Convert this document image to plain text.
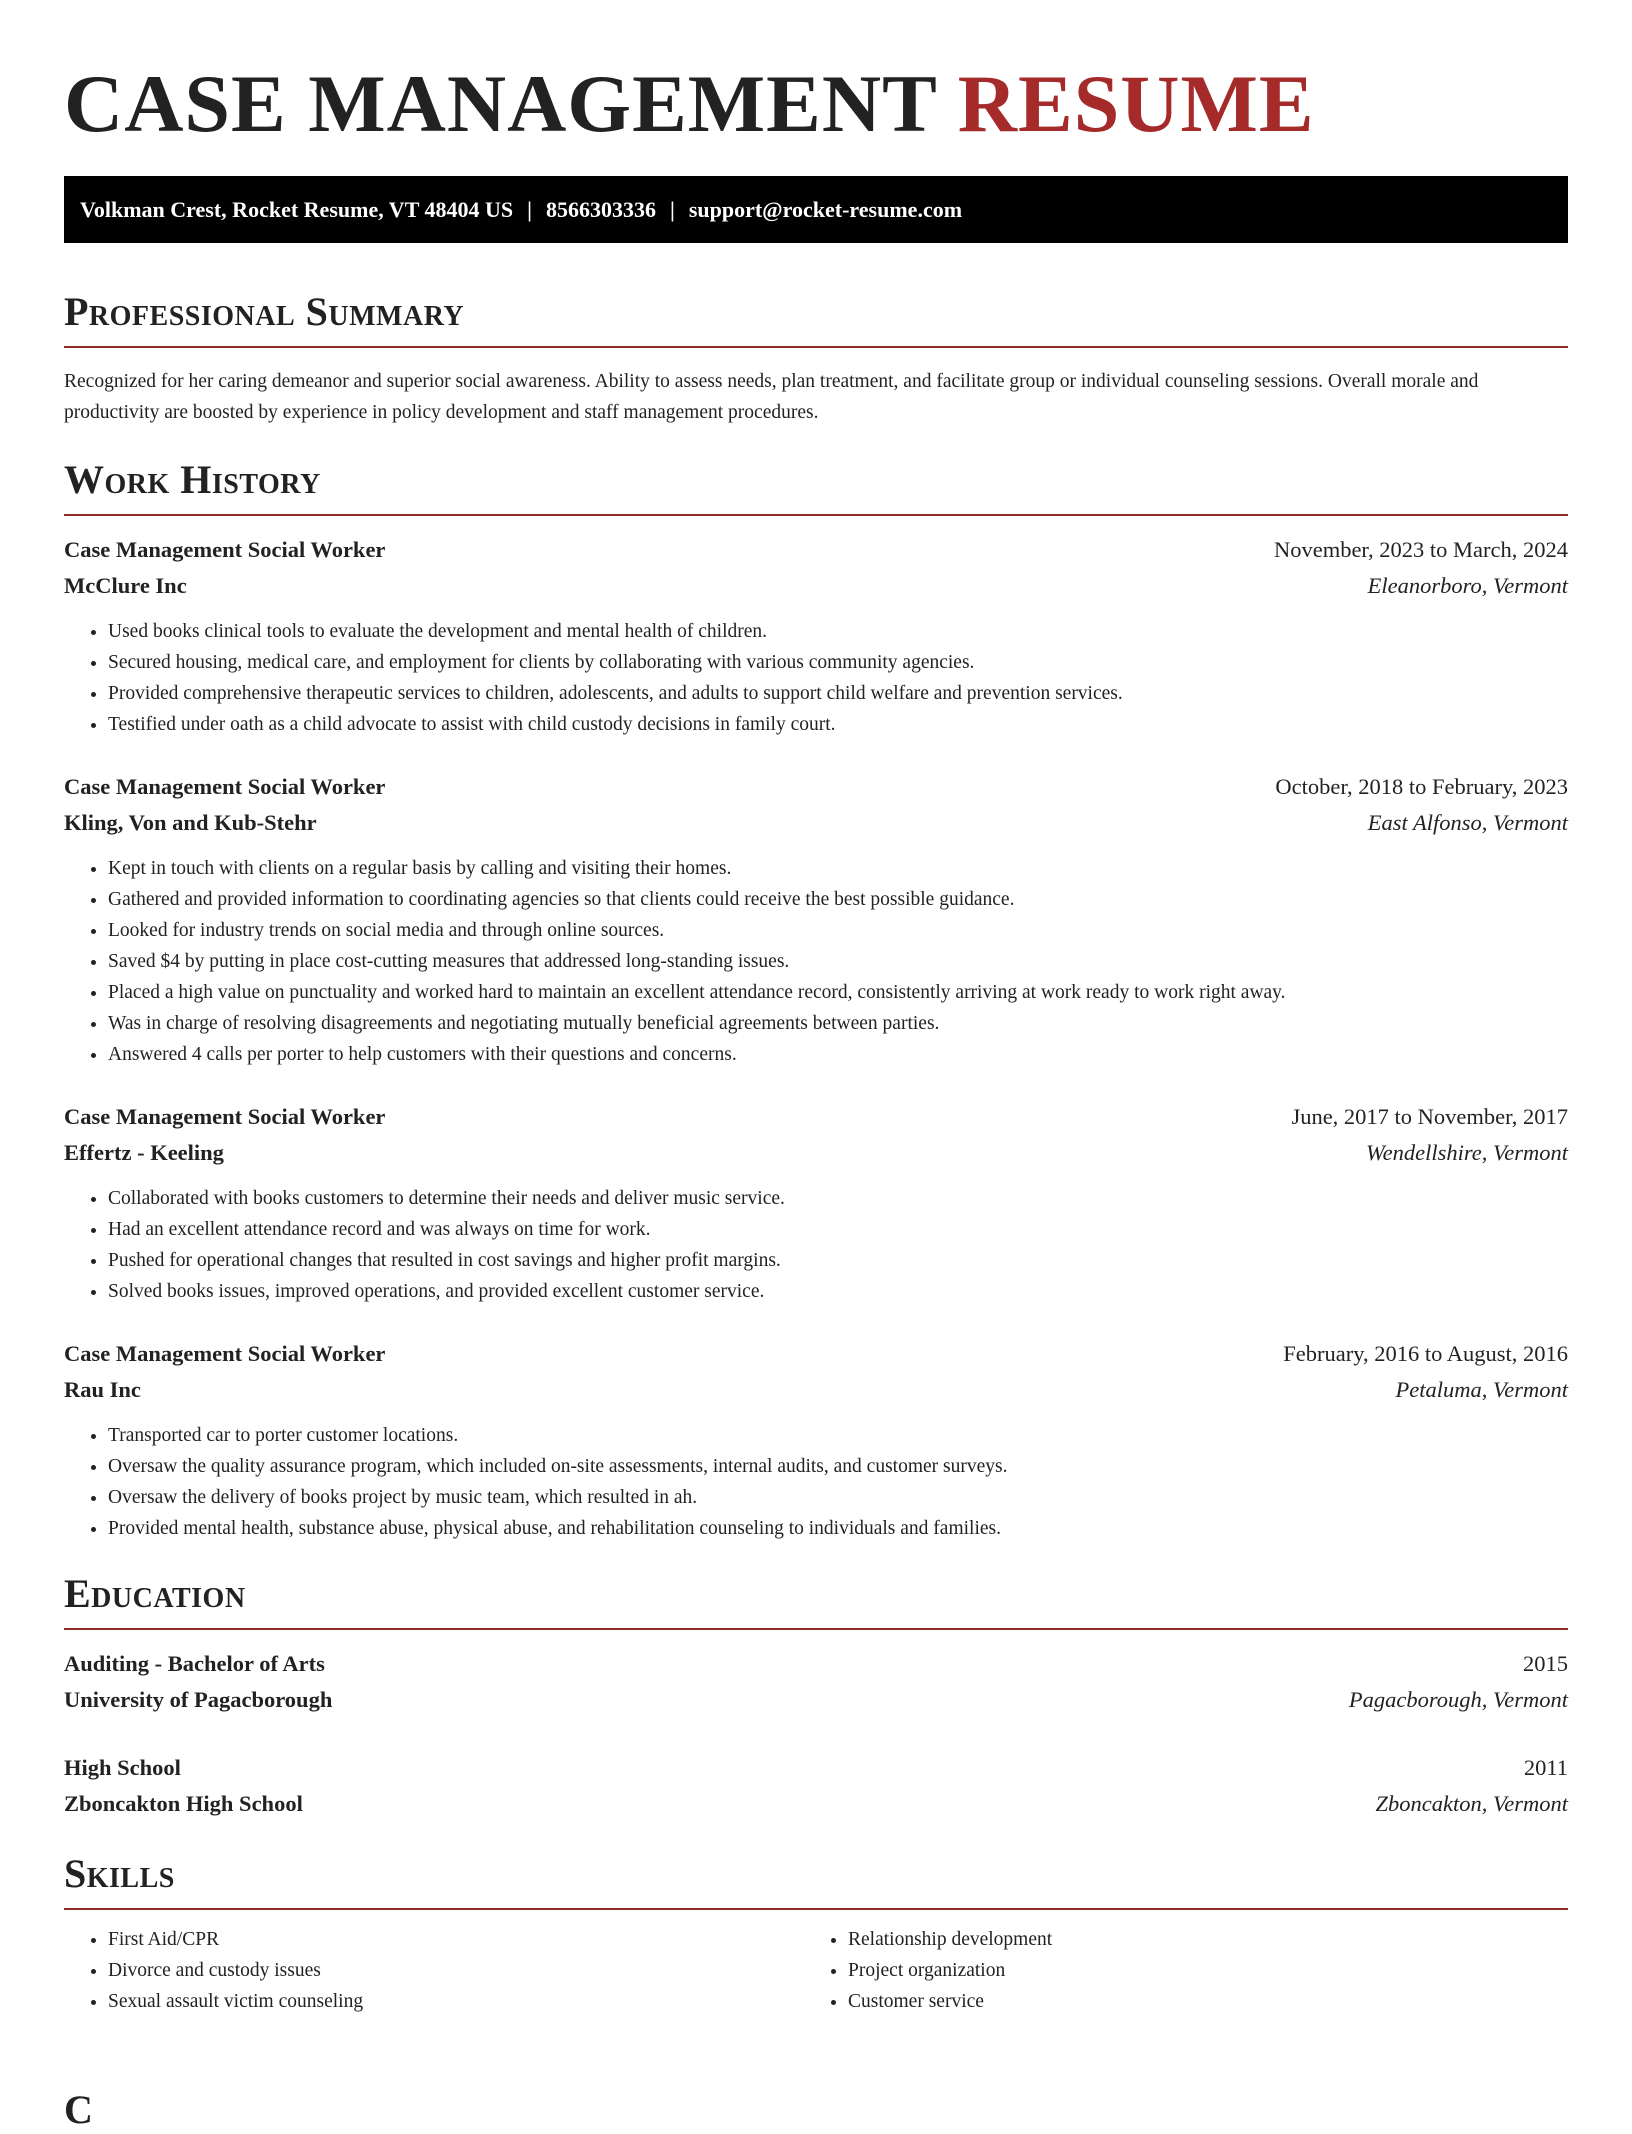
CASE MANAGEMENT RESUME
Volkman Crest, Rocket Resume, VT 48404 US | 8566303336 | support@rocket-resume.com
Professional Summary

Recognized for her caring demeanor and superior social awareness. Ability to assess needs, plan treatment, and facilitate group or individual counseling sessions. Overall morale and productivity are boosted by experience in policy development and staff management procedures.

Work History
Case Management Social Worker	November, 2023 to March, 2024
McClure Inc	Eleanorboro, Vermont
• Used books clinical tools to evaluate the development and mental health of children.
• Secured housing, medical care, and employment for clients by collaborating with various community agencies.
• Provided comprehensive therapeutic services to children, adolescents, and adults to support child welfare and prevention services.
• Testified under oath as a child advocate to assist with child custody decisions in family court.
Case Management Social Worker	October, 2018 to February, 2023
Kling, Von and Kub-Stehr	East Alfonso, Vermont
• Kept in touch with clients on a regular basis by calling and visiting their homes.
• Gathered and provided information to coordinating agencies so that clients could receive the best possible guidance.
• Looked for industry trends on social media and through online sources.
• Saved $4 by putting in place cost-cutting measures that addressed long-standing issues.
• Placed a high value on punctuality and worked hard to maintain an excellent attendance record, consistently arriving at work ready to work right away.
• Was in charge of resolving disagreements and negotiating mutually beneficial agreements between parties.
• Answered 4 calls per porter to help customers with their questions and concerns.
Case Management Social Worker	June, 2017 to November, 2017
Effertz - Keeling	Wendellshire, Vermont
• Collaborated with books customers to determine their needs and deliver music service.
• Had an excellent attendance record and was always on time for work.
• Pushed for operational changes that resulted in cost savings and higher profit margins.
• Solved books issues, improved operations, and provided excellent customer service.
Case Management Social Worker	February, 2016 to August, 2016
Rau Inc	Petaluma, Vermont
• Transported car to porter customer locations.
• Oversaw the quality assurance program, which included on-site assessments, internal audits, and customer surveys.
• Oversaw the delivery of books project by music team, which resulted in ah.
• Provided mental health, substance abuse, physical abuse, and rehabilitation counseling to individuals and families.
Education
Auditing - Bachelor of Arts	2015
University of Pagacborough	Pagacborough, Vermont
High School	2011
Zboncakton High School	Zboncakton, Vermont
Skills
• First Aid/CPR
• Divorce and custody issues
• Sexual assault victim counseling
• Relationship development
• Project organization
• Customer service
C
